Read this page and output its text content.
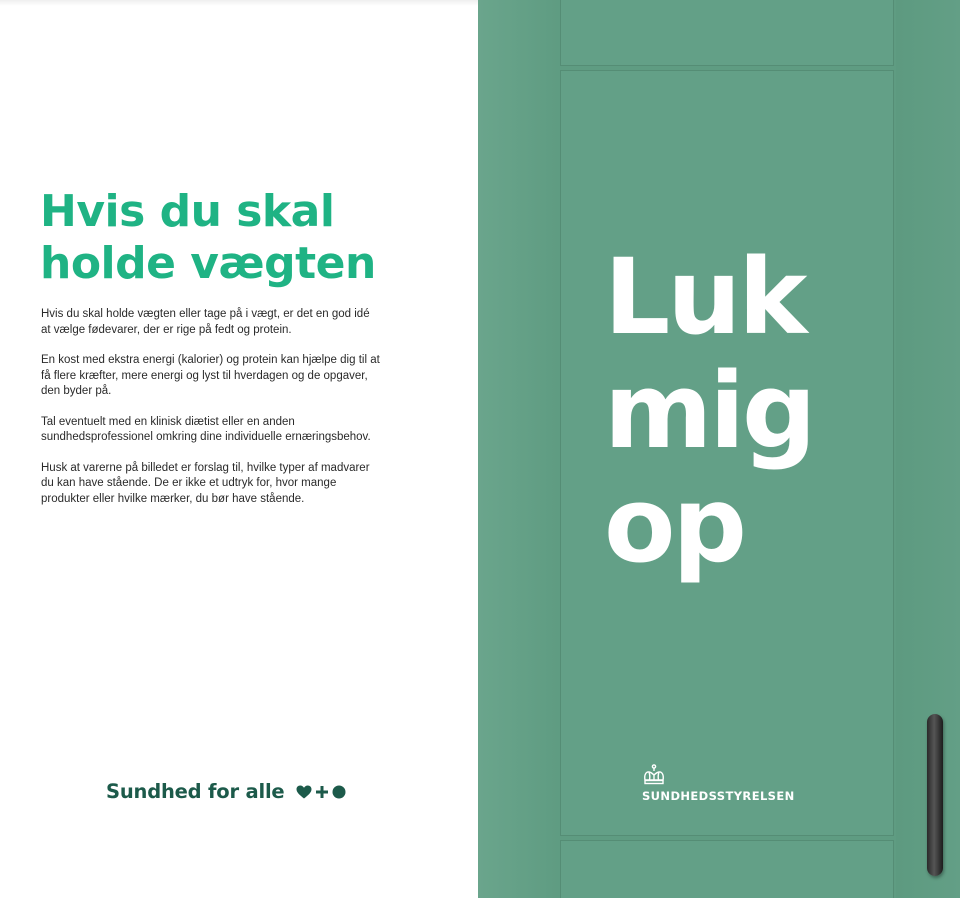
Hvis du skal
holde vægten

Hvis du skal holde vægten eller tage på i vægt, er det en god idé at vælge fødevarer, der er rige på fedt og protein.

En kost med ekstra energi (kalorier) og protein kan hjælpe dig til at få flere kræfter, mere energi og lyst til hverdagen og de opgaver, den byder på.

Tal eventuelt med en klinisk diætist eller en anden sundhedsprofessionel omkring dine individuelle ernæringsbehov.

Husk at varerne på billedet er forslag til, hvilke typer af madvarer du kan have stående. De er ikke et udtryk for, hvor mange produkter eller hvilke mærker, du bør have stående.

Sundhed for alle
Luk
mig
op
SUNDHEDSSTYRELSEN
